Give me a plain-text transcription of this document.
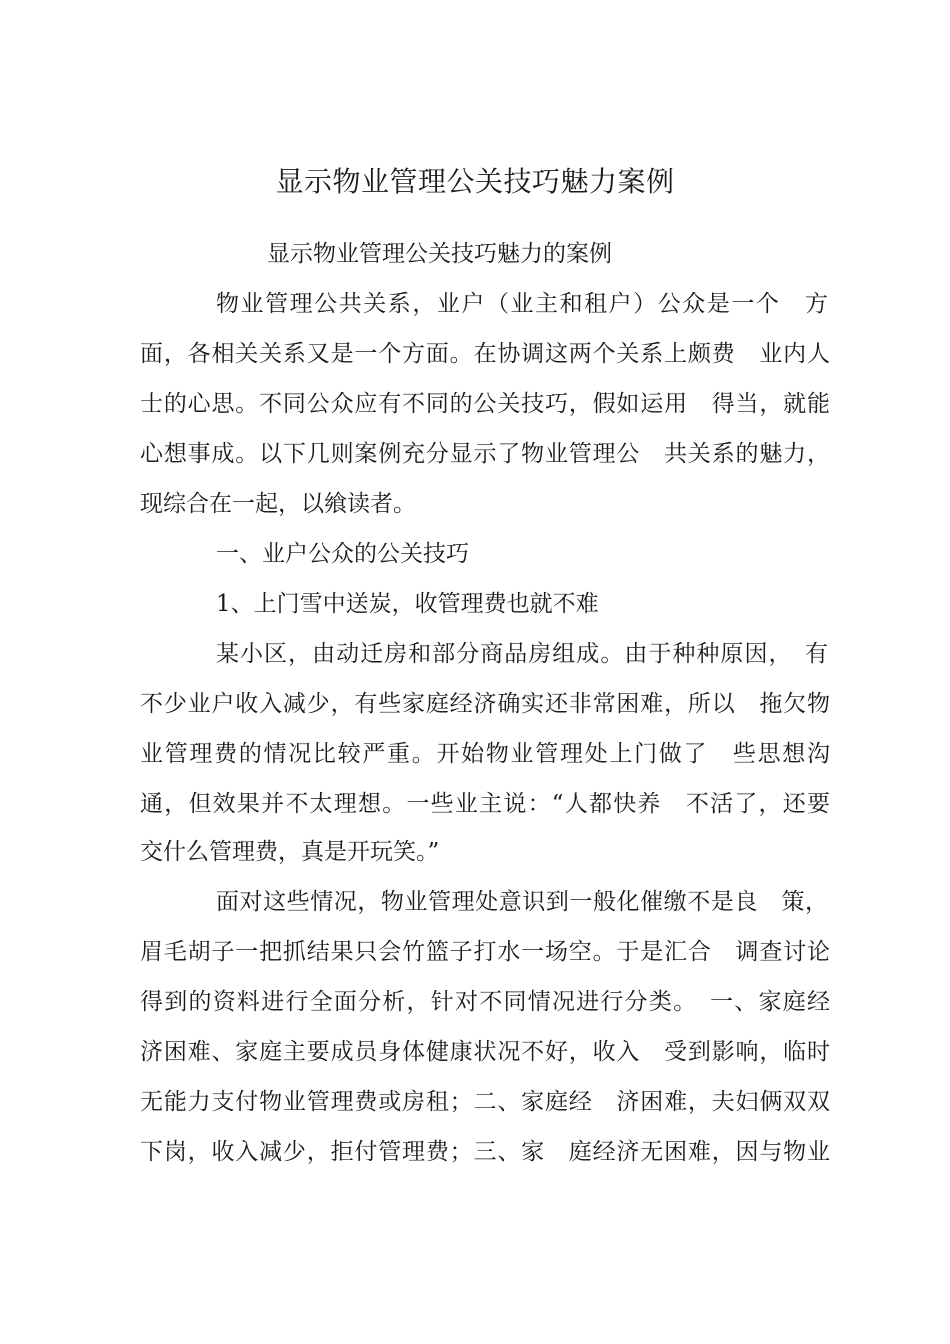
显示物业管理公关技巧魅力案例

显示物业管理公关技巧魅力的案例

物业管理公共关系，业户（业主和租户）公众是一个　方

面，各相关关系又是一个方面。在协调这两个关系上颇费　业内人

士的心思。不同公众应有不同的公关技巧，假如运用　得当，就能

心想事成。以下几则案例充分显示了物业管理公　共关系的魅力，

现综合在一起，以飨读者。

一、业户公众的公关技巧

1、上门雪中送炭，收管理费也就不难

某小区，由动迁房和部分商品房组成。由于种种原因，　有

不少业户收入减少，有些家庭经济确实还非常困难，所以　拖欠物

业管理费的情况比较严重。开始物业管理处上门做了　些思想沟

通，但效果并不太理想。一些业主说：“人都快养　不活了，还要

交什么管理费，真是开玩笑。”

面对这些情况，物业管理处意识到一般化催缴不是良　策，

眉毛胡子一把抓结果只会竹篮子打水一场空。于是汇合　调查讨论

得到的资料进行全面分析，针对不同情况进行分类。　一、家庭经

济困难、家庭主要成员身体健康状况不好，收入　受到影响，临时

无能力支付物业管理费或房租；二、家庭经　济困难，夫妇俩双双

下岗，收入减少，拒付管理费；三、家　庭经济无困难，因与物业
